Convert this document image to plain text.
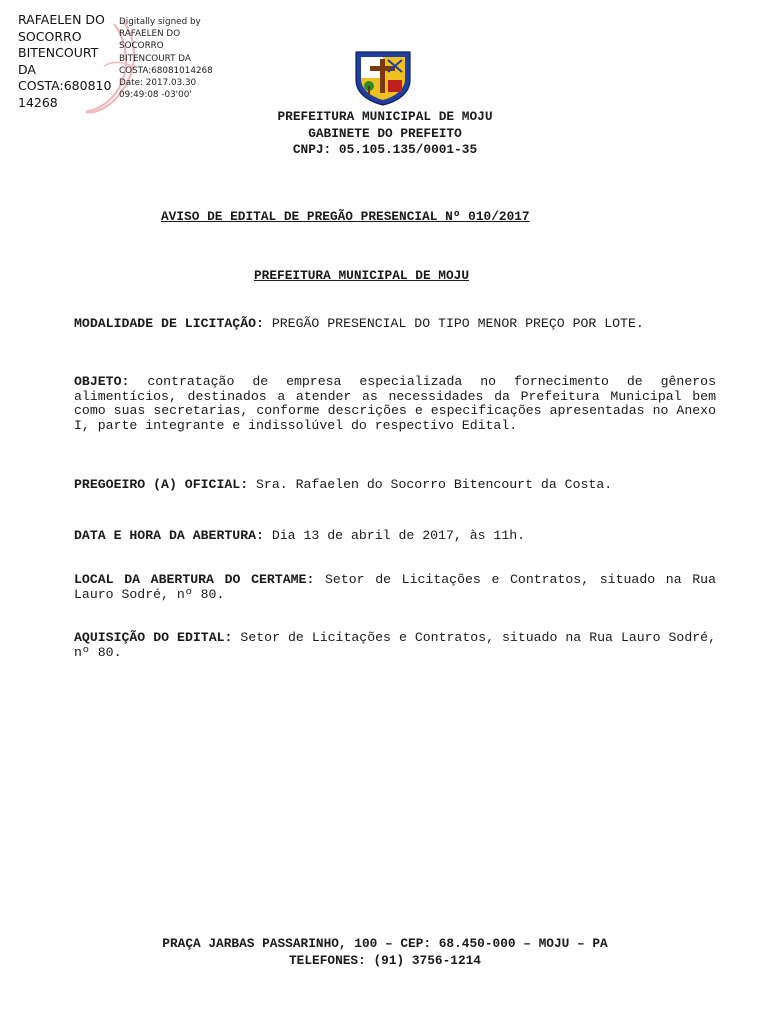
RAFAELEN DO
SOCORRO
BITENCOURT
DA
COSTA:680810
14268
Digitally signed by
RAFAELEN DO
SOCORRO
BITENCOURT DA
COSTA:68081014268
Date: 2017.03.30
09:49:08 -03'00'
PREFEITURA MUNICIPAL DE MOJU
GABINETE DO PREFEITO
CNPJ: 05.105.135/0001-35
AVISO DE EDITAL DE PREGÃO PRESENCIAL Nº 010/2017
PREFEITURA MUNICIPAL DE MOJU
MODALIDADE DE LICITAÇÃO: PREGÃO PRESENCIAL DO TIPO MENOR PREÇO POR LOTE.
OBJETO: contratação de empresa especializada no fornecimento de gêneros alimentícios, destinados a atender as necessidades da Prefeitura Municipal bem como suas secretarias, conforme descrições e especificações apresentadas no Anexo I, parte integrante e indissolúvel do respectivo Edital.
PREGOEIRO (A) OFICIAL: Sra. Rafaelen do Socorro Bitencourt da Costa.
DATA E HORA DA ABERTURA: Dia 13 de abril de 2017, às 11h.
LOCAL DA ABERTURA DO CERTAME: Setor de Licitações e Contratos, situado na Rua Lauro Sodré, nº 80.
AQUISIÇÃO DO EDITAL: Setor de Licitações e Contratos, situado na Rua Lauro Sodré, nº 80.
PRAÇA JARBAS PASSARINHO, 100 – CEP: 68.450-000 – MOJU – PA
TELEFONES: (91) 3756-1214
